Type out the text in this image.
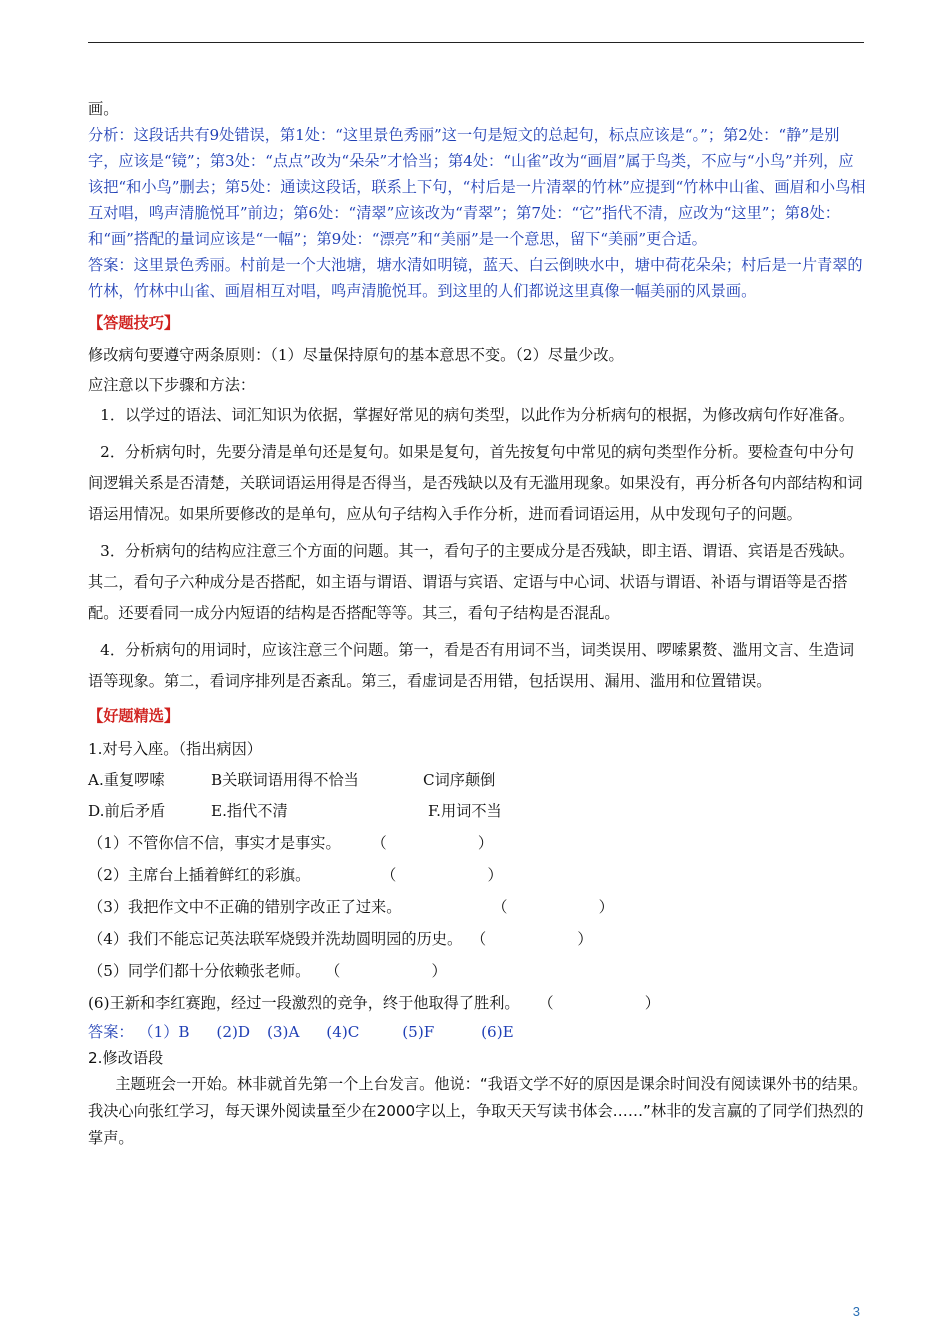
画。

分析：这段话共有9处错误，第1处：“这里景色秀丽”这一句是短文的总起句，标点应该是“。”；第2处：“静”是别字，应该是“镜”；第3处：“点点”改为“朵朵”才恰当；第4处：“山雀”改为“画眉”属于鸟类，不应与“小鸟”并列，应该把“和小鸟”删去；第5处：通读这段话，联系上下句，“村后是一片清翠的竹林”应提到“竹林中山雀、画眉和小鸟相互对唱，鸣声清脆悦耳”前边；第6处：“清翠”应该改为“青翠”；第7处：“它”指代不清，应改为“这里”；第8处：和“画”搭配的量词应该是“一幅”；第9处：“漂亮”和“美丽”是一个意思，留下“美丽”更合适。

答案：这里景色秀丽。村前是一个大池塘，塘水清如明镜，蓝天、白云倒映水中，塘中荷花朵朵；村后是一片青翠的竹林，竹林中山雀、画眉相互对唱，鸣声清脆悦耳。到这里的人们都说这里真像一幅美丽的风景画。

【答题技巧】

修改病句要遵守两条原则：（1）尽量保持原句的基本意思不变。（2）尽量少改。

应注意以下步骤和方法：

1．以学过的语法、词汇知识为依据，掌握好常见的病句类型，以此作为分析病句的根据，为修改病句作好准备。

2．分析病句时，先要分清是单句还是复句。如果是复句，首先按复句中常见的病句类型作分析。要检查句中分句间逻辑关系是否清楚，关联词语运用得是否得当，是否残缺以及有无滥用现象。如果没有，再分析各句内部结构和词语运用情况。如果所要修改的是单句，应从句子结构入手作分析，进而看词语运用，从中发现句子的问题。

3．分析病句的结构应注意三个方面的问题。其一，看句子的主要成分是否残缺，即主语、谓语、宾语是否残缺。其二，看句子六种成分是否搭配，如主语与谓语、谓语与宾语、定语与中心词、状语与谓语、补语与谓语等是否搭配。还要看同一成分内短语的结构是否搭配等等。其三，看句子结构是否混乱。

4．分析病句的用词时，应该注意三个问题。第一，看是否有用词不当，词类误用、啰嗦累赘、滥用文言、生造词语等现象。第二，看词序排列是否紊乱。第三，看虚词是否用错，包括误用、漏用、滥用和位置错误。

【好题精选】

1.对号入座。（指出病因）

A.重复啰嗦	B关联词语用得不恰当	C词序颠倒
D.前后矛盾	E.指代不清	F.用词不当
（1）不管你信不信，事实才是事实。 （　　　　　　）
（2）主席台上插着鲜红的彩旗。	（　　　　　　）
（3）我把作文中不正确的错别字改正了过来。	（　　　　　　）
（4）我们不能忘记英法联军烧毁并洗劫圆明园的历史。 （　　　　　　）
（5）同学们都十分依赖张老师。 （　　　　　　）
(6)王新和李红赛跑，经过一段激烈的竞争，终于他取得了胜利。 （　　　　　　）
答案： （1）B (2)D (3)A (4)C	(5)F	(6)E

2.修改语段

主题班会一开始。林非就首先第一个上台发言。他说：“我语文学不好的原因是课余时间没有阅读课外书的结果。我决心向张红学习，每天课外阅读量至少在2000字以上，争取天天写读书体会……”林非的发言赢的了同学们热烈的掌声。

3
